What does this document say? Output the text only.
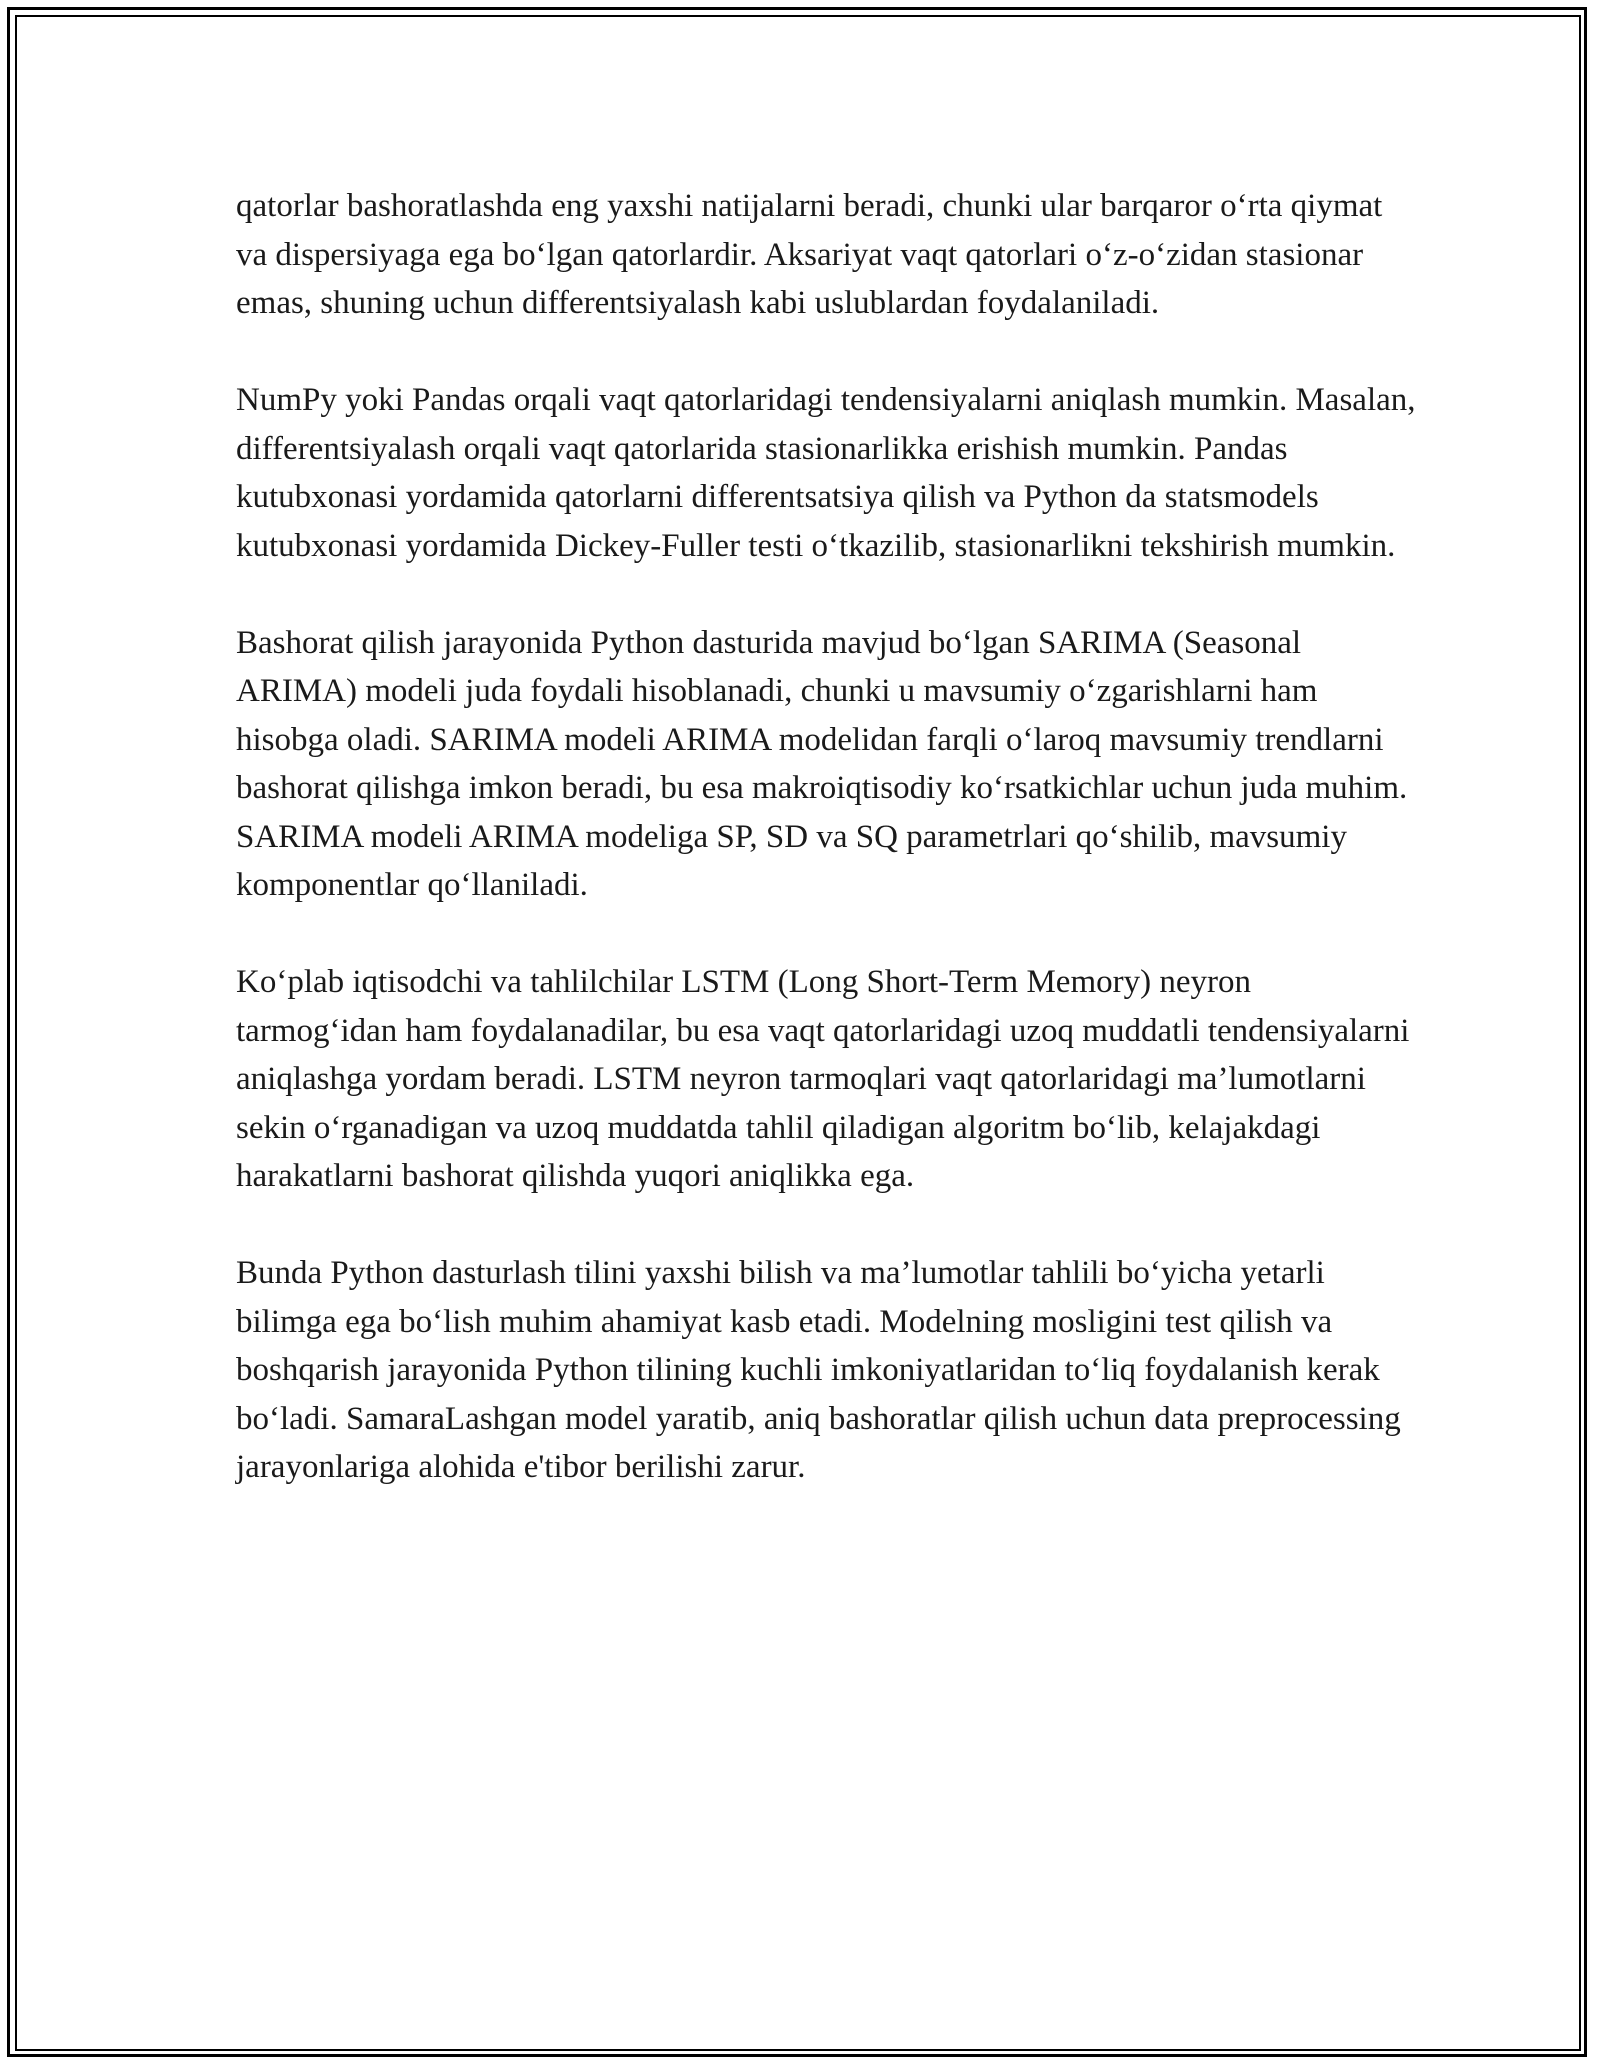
qatorlar bashoratlashda eng yaxshi natijalarni beradi, chunki ular barqaror o‘rta qiymat va dispersiyaga ega bo‘lgan qatorlardir. Aksariyat vaqt qatorlari o‘z-o‘zidan stasionar emas, shuning uchun differentsiyalash kabi uslublardan foydalaniladi.

NumPy yoki Pandas orqali vaqt qatorlaridagi tendensiyalarni aniqlash mumkin. Masalan, differentsiyalash orqali vaqt qatorlarida stasionarlikka erishish mumkin. Pandas kutubxonasi yordamida qatorlarni differentsatsiya qilish va Python da statsmodels kutubxonasi yordamida Dickey-Fuller testi o‘tkazilib, stasionarlikni tekshirish mumkin.

Bashorat qilish jarayonida Python dasturida mavjud bo‘lgan SARIMA (Seasonal ARIMA) modeli juda foydali hisoblanadi, chunki u mavsumiy o‘zgarishlarni ham hisobga oladi. SARIMA modeli ARIMA modelidan farqli o‘laroq mavsumiy trendlarni bashorat qilishga imkon beradi, bu esa makroiqtisodiy ko‘rsatkichlar uchun juda muhim. SARIMA modeli ARIMA modeliga SP, SD va SQ parametrlari qo‘shilib, mavsumiy komponentlar qo‘llaniladi.

Ko‘plab iqtisodchi va tahlilchilar LSTM (Long Short-Term Memory) neyron tarmog‘idan ham foydalanadilar, bu esa vaqt qatorlaridagi uzoq muddatli tendensiyalarni aniqlashga yordam beradi. LSTM neyron tarmoqlari vaqt qatorlaridagi ma’lumotlarni sekin o‘rganadigan va uzoq muddatda tahlil qiladigan algoritm bo‘lib, kelajakdagi harakatlarni bashorat qilishda yuqori aniqlikka ega.

Bunda Python dasturlash tilini yaxshi bilish va ma’lumotlar tahlili bo‘yicha yetarli bilimga ega bo‘lish muhim ahamiyat kasb etadi. Modelning mosligini test qilish va boshqarish jarayonida Python tilining kuchli imkoniyatlaridan to‘liq foydalanish kerak bo‘ladi. SamaraLashgan model yaratib, aniq bashoratlar qilish uchun data preprocessing jarayonlariga alohida e'tibor berilishi zarur.
